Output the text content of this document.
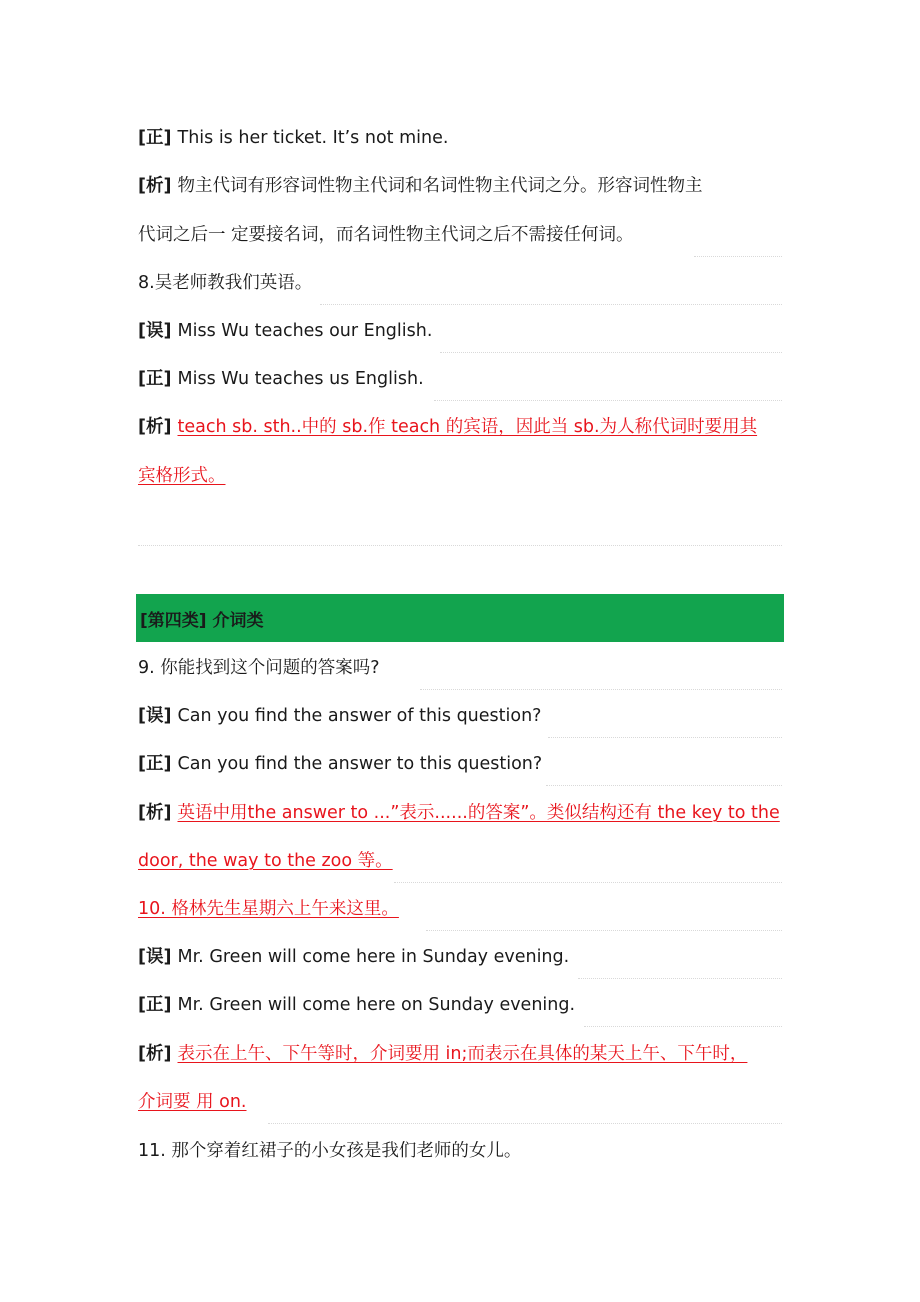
[正] This is her ticket. It’s not mine.
[析] 物主代词有形容词性物主代词和名词性物主代词之分。形容词性物主
代词之后一 定要接名词，而名词性物主代词之后不需接任何词。
8.吴老师教我们英语。
[误] Miss Wu teaches our English.
[正] Miss Wu teaches us English.
[析] teach sb. sth..中的 sb.作 teach 的宾语，因此当 sb.为人称代词时要用其
宾格形式。
[第四类] 介词类
9. 你能找到这个问题的答案吗?
[误] Can you find the answer of this question?
[正] Can you find the answer to this question?
[析] 英语中用the answer to ...”表示......的答案”。类似结构还有 the key to the
door, the way to the zoo 等。
10. 格林先生星期六上午来这里。
[误] Mr. Green will come here in Sunday evening.
[正] Mr. Green will come here on Sunday evening.
[析] 表示在上午、下午等时，介词要用 in;而表示在具体的某天上午、下午时，
介词要 用 on.
11. 那个穿着红裙子的小女孩是我们老师的女儿。
